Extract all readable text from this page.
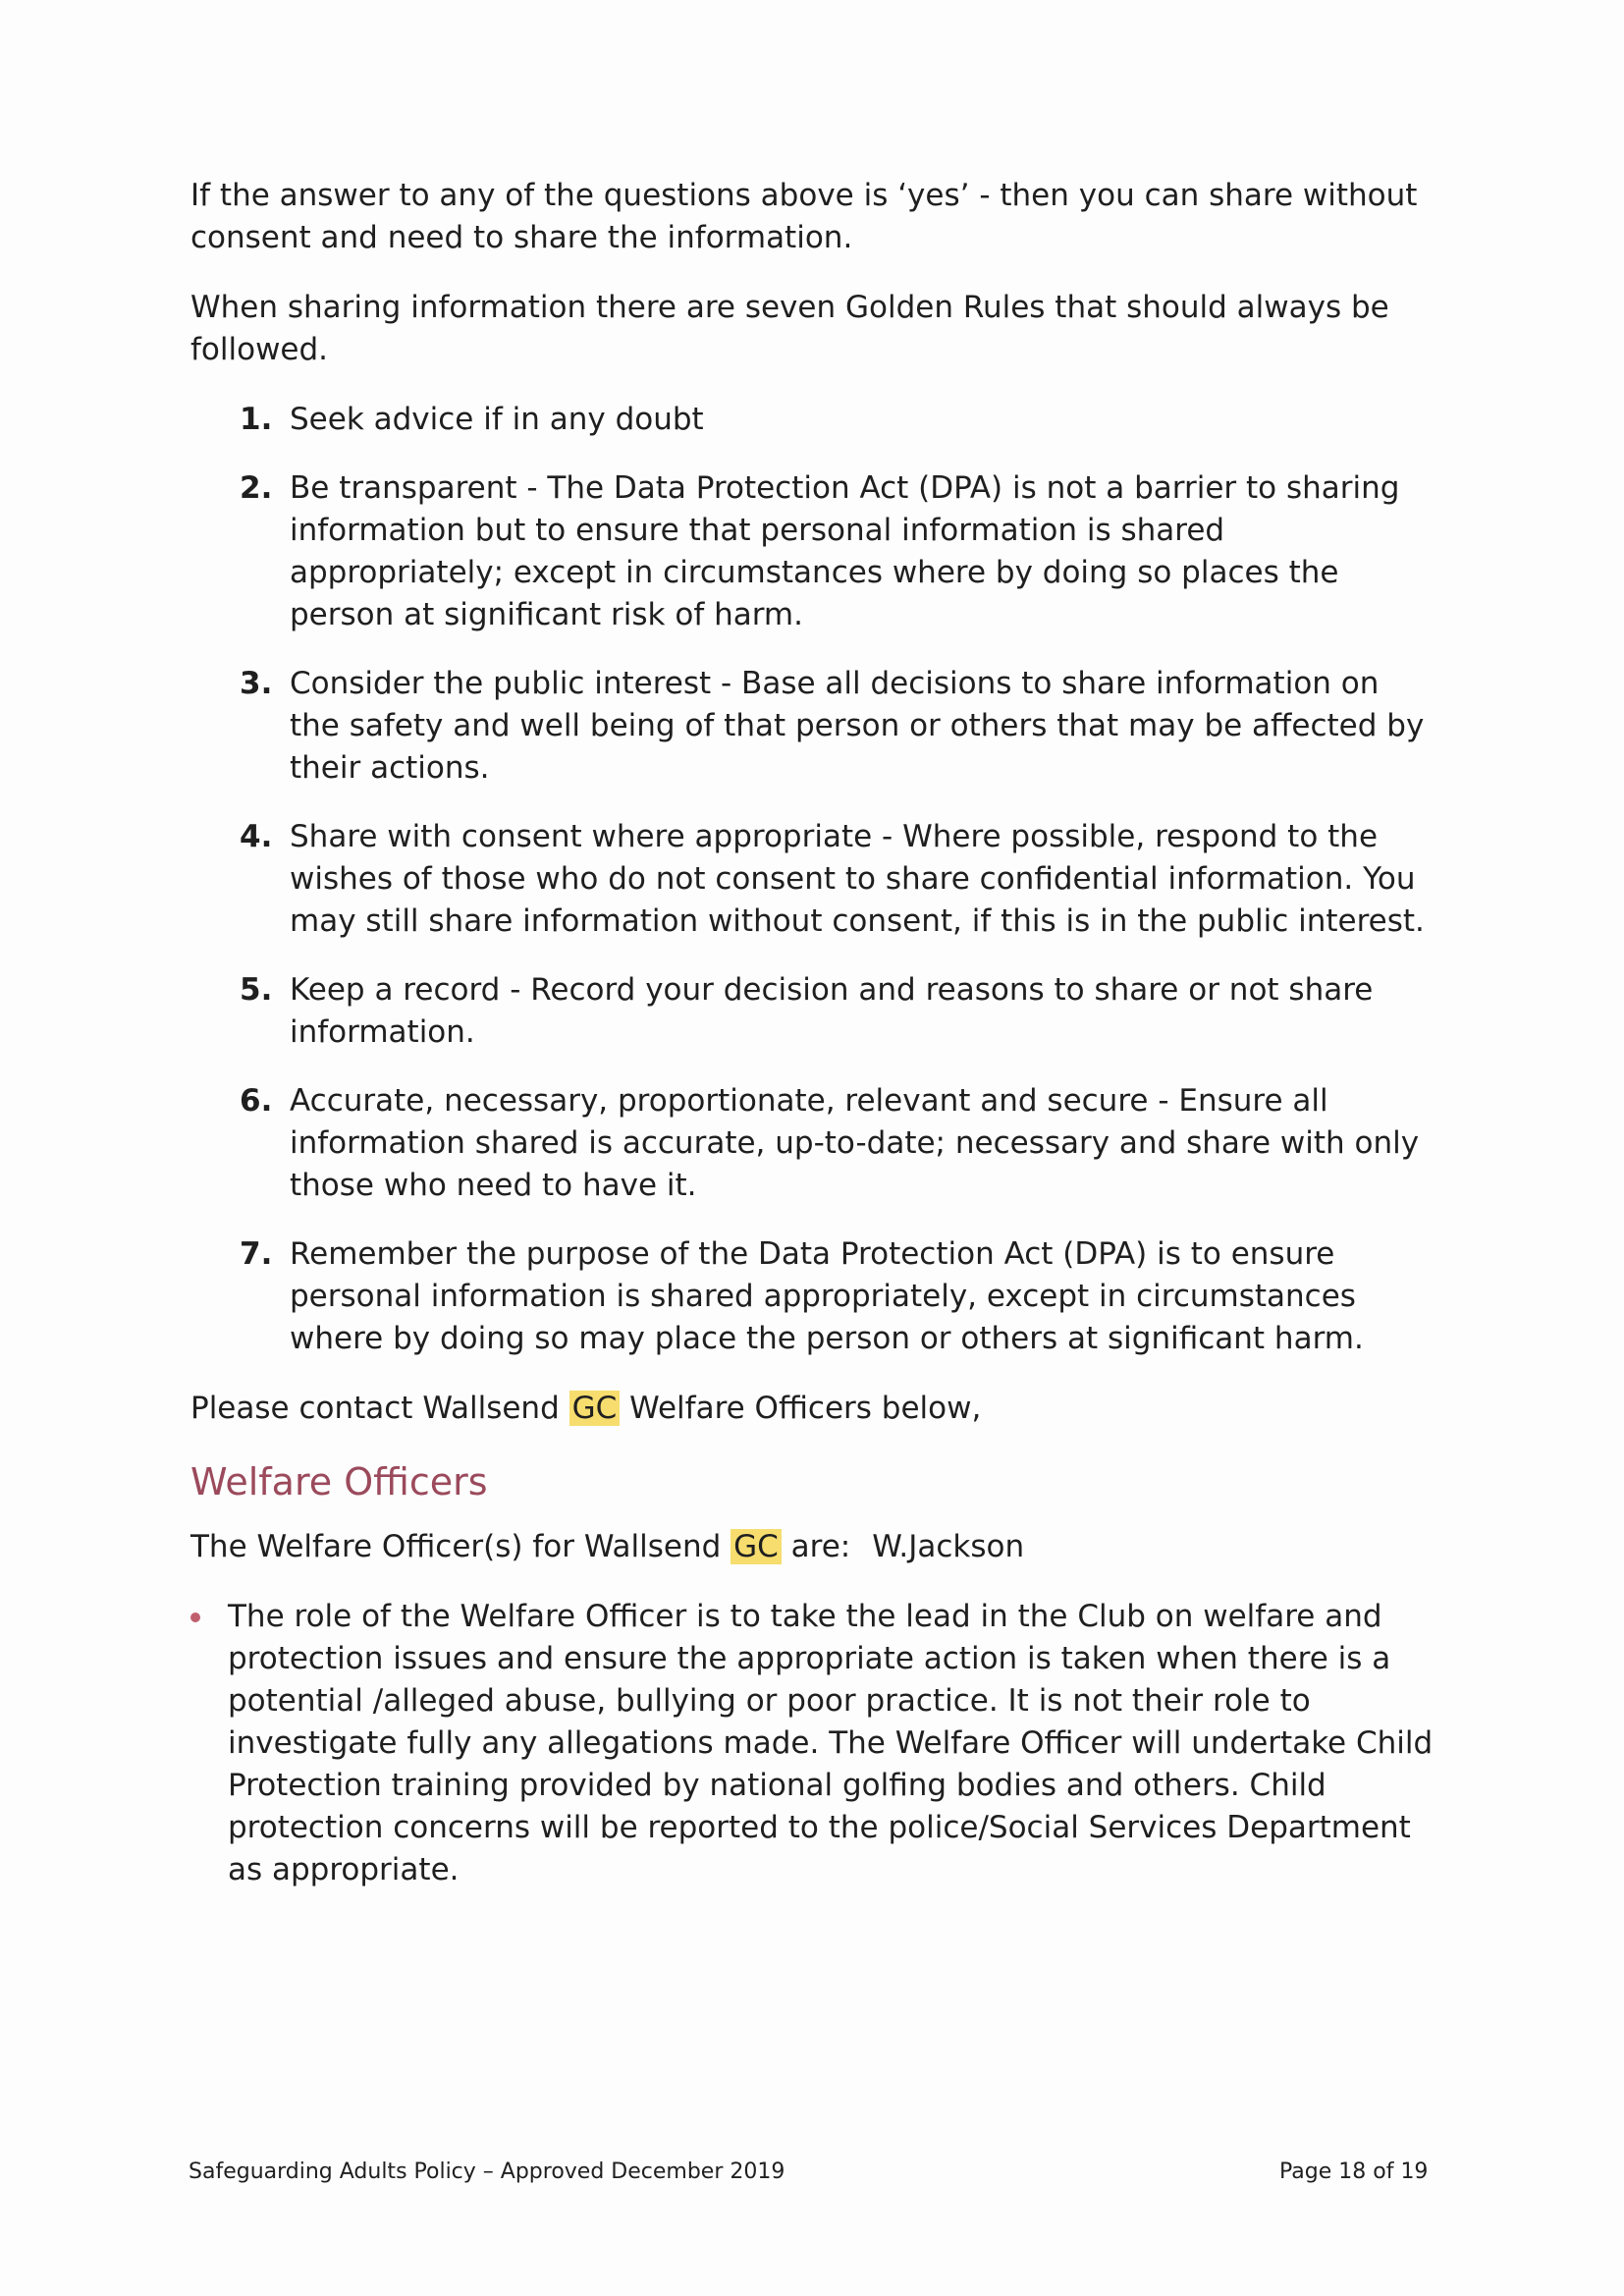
If the answer to any of the questions above is ‘yes’ - then you can share without consent and need to share the information.

When sharing information there are seven Golden Rules that should always be followed.

1. Seek advice if in any doubt
2. Be transparent - The Data Protection Act (DPA) is not a barrier to sharing information but to ensure that personal information is shared appropriately; except in circumstances where by doing so places the person at significant risk of harm.
3. Consider the public interest - Base all decisions to share information on the safety and well being of that person or others that may be affected by their actions.
4. Share with consent where appropriate - Where possible, respond to the wishes of those who do not consent to share confidential information. You may still share information without consent, if this is in the public interest.
5. Keep a record - Record your decision and reasons to share or not share information.
6. Accurate, necessary, proportionate, relevant and secure - Ensure all information shared is accurate, up-to-date; necessary and share with only those who need to have it.
7. Remember the purpose of the Data Protection Act (DPA) is to ensure personal information is shared appropriately, except in circumstances where by doing so may place the person or others at significant harm.

Please contact Wallsend GC Welfare Officers below,

Welfare Officers

The Welfare Officer(s) for Wallsend GC are: W.Jackson

The role of the Welfare Officer is to take the lead in the Club on welfare and protection issues and ensure the appropriate action is taken when there is a potential /alleged abuse, bullying or poor practice. It is not their role to investigate fully any allegations made. The Welfare Officer will undertake Child Protection training provided by national golfing bodies and others. Child protection concerns will be reported to the police/Social Services Department as appropriate.
Safeguarding Adults Policy – Approved December 2019	Page 18 of 19
